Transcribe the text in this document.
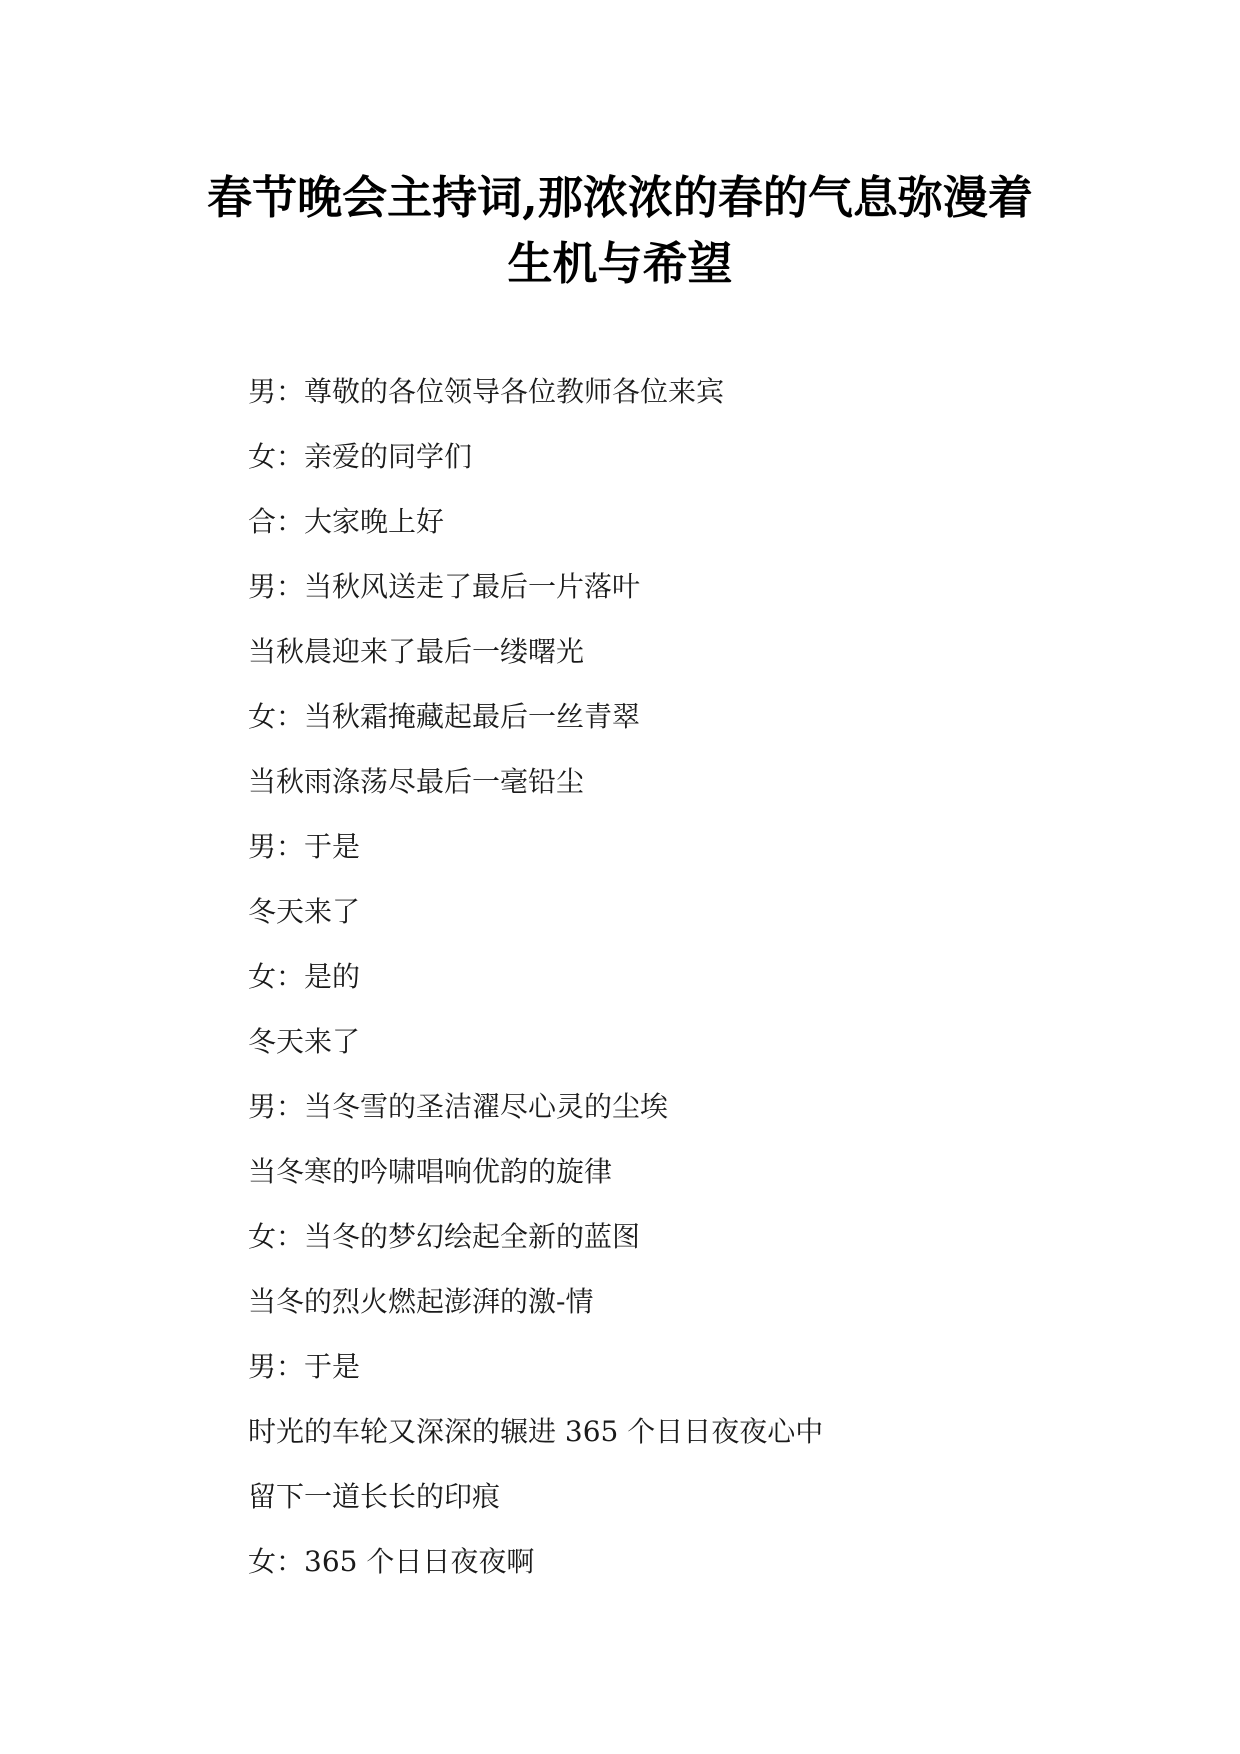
春节晚会主持词,那浓浓的春的气息弥漫着
生机与希望
男：尊敬的各位领导各位教师各位来宾
女：亲爱的同学们
合：大家晚上好
男：当秋风送走了最后一片落叶
当秋晨迎来了最后一缕曙光
女：当秋霜掩藏起最后一丝青翠
当秋雨涤荡尽最后一毫铅尘
男：于是
冬天来了
女：是的
冬天来了
男：当冬雪的圣洁濯尽心灵的尘埃
当冬寒的吟啸唱响优韵的旋律
女：当冬的梦幻绘起全新的蓝图
当冬的烈火燃起澎湃的激-情
男：于是
时光的车轮又深深的辗进 365 个日日夜夜心中
留下一道长长的印痕
女：365 个日日夜夜啊
